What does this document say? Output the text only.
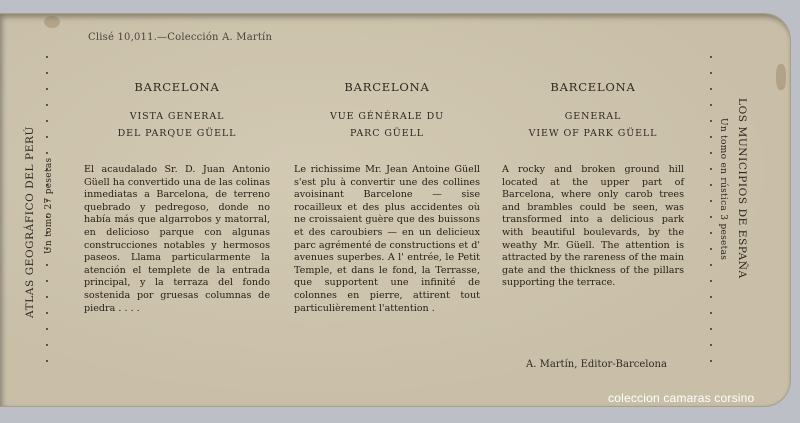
Clisé 10,011.—Colección A. Martín
BARCELONA
VISTA GENERAL
DEL PARQUE GÜELL

El acaudalado Sr. D. Juan Antonio Güell ha convertido una de las colinas inmediatas a Barcelona, de terreno quebrado y pedregoso, donde no había más que algarrobos y matorral, en delicioso parque con algunas construcciones notables y hermosos paseos. Llama particularmente la atención el templete de la entrada principal, y la terraza del fondo sostenida por gruesas columnas de piedra . . . .

BARCELONA
VUE GÉNÉRALE DU
PARC GÜELL

Le richissime Mr. Jean Antoine Güell s'est plu à convertir une des collines avoisinant Barcelone — sise rocailleux et des plus accidentes où ne croissaient guère que des buissons et des caroubiers — en un delicieux parc agrémenté de constructions et d' avenues superbes. A l' entrée, le Petit Temple, et dans le fond, la Terrasse, que supportent une infinité de colonnes en pierre, attirent tout particulièrement l'attention .

BARCELONA
GENERAL
VIEW OF PARK GÜELL

A rocky and broken ground hill located at the upper part of Barcelona, where only carob trees and brambles could be seen, was transformed into a delicious park with beautiful boulevards, by the weathy Mr. Güell. The attention is attracted by the rareness of the main gate and the thickness of the pillars supporting the terrace.

ATLAS GEOGRÁFICO DEL PERÚ Un tomo 27 pesetas	LOS MUNICIPIOS DE ESPAÑA
Un tomo en rústica 3 pesetas
A. Martín, Editor-Barcelona
coleccion camaras corsino
